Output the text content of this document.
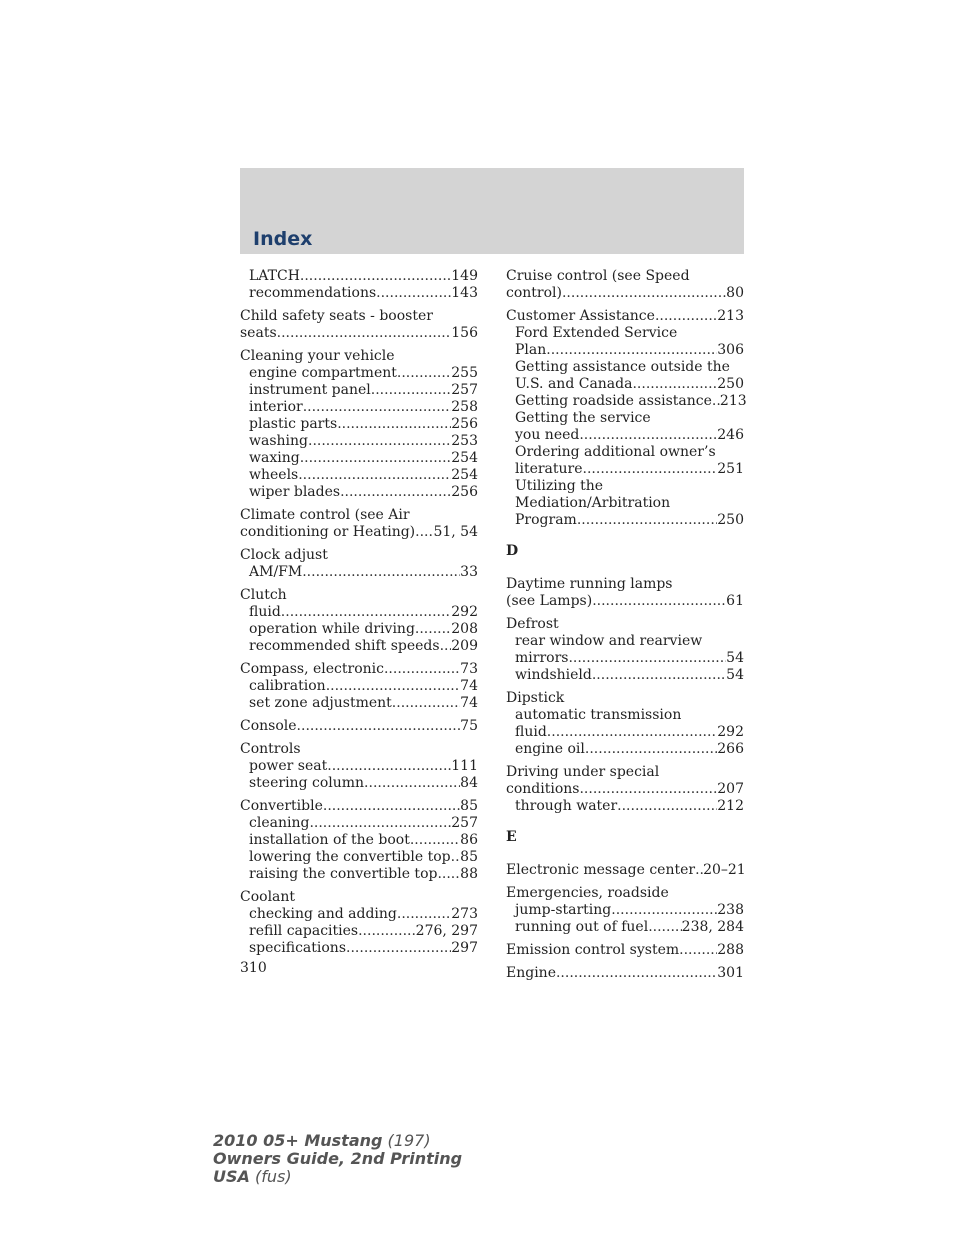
Index
LATCH .....	149
recommendations .....	143
Child safety seats - booster
seats .....	156
Cleaning your vehicle
engine compartment .....	255
instrument panel .....	257
interior .....	258
plastic parts .....	256
washing .....	253
waxing .....	254
wheels .....	254
wiper blades .....	256
Climate control (see Air
conditioning or Heating) ..... 51, 54
Clock adjust
AM/FM .....	33
Clutch
fluid .....	292
operation while driving .....	208
recommended shift speeds ..... 209
Compass, electronic .....	73
calibration .....	74
set zone adjustment .....	74
Console .....	75
Controls
power seat .....	111
steering column .....	84
Convertible .....	85
cleaning .....	257
installation of the boot .....	86
lowering the convertible top ..... 85
raising the convertible top ..... 88
Coolant
checking and adding .....	273
refill capacities .....	276, 297
specifications .....	297
Cruise control (see Speed
control) .....	80
Customer Assistance .....	213
Ford Extended Service
Plan .....	306
Getting assistance outside the
U.S. and Canada .....	250
Getting roadside assistance ..... 213
Getting the service
you need .....	246
Ordering additional owner’s
literature .....	251
Utilizing the
Mediation/Arbitration
Program .....	250
D
Daytime running lamps
(see Lamps) .....	61
Defrost
rear window and rearview
mirrors .....	54
windshield .....	54
Dipstick
automatic transmission
fluid .....	292
engine oil .....	266
Driving under special
conditions .....	207
through water .....	212
E
Electronic message center ..... 20–21
Emergencies, roadside
jump-starting .....	238
running out of fuel ..... 238, 284
Emission control system .....	288
Engine .....	301
310
2010 05+ Mustang (197)
Owners Guide, 2nd Printing
USA (fus)
